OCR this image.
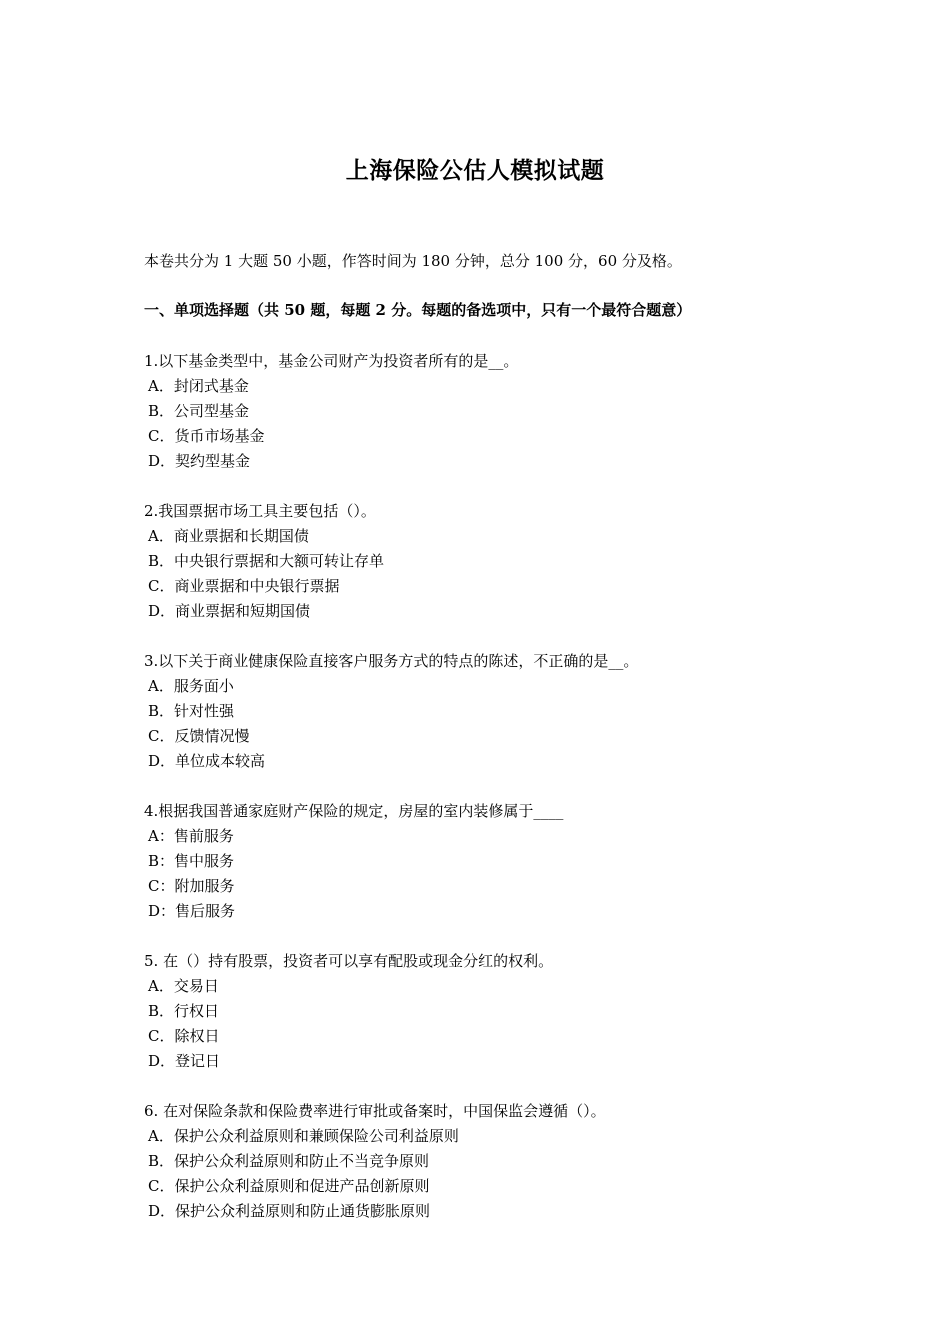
上海保险公估人模拟试题
本卷共分为 1 大题 50 小题，作答时间为 180 分钟，总分 100 分，60 分及格。
一、单项选择题（共 50 题，每题 2 分。每题的备选项中，只有一个最符合题意）
1.以下基金类型中，基金公司财产为投资者所有的是__。
A．封闭式基金
B．公司型基金
C．货币市场基金
D．契约型基金
2.我国票据市场工具主要包括（）。
A．商业票据和长期国债
B．中央银行票据和大额可转让存单
C．商业票据和中央银行票据
D．商业票据和短期国债
3.以下关于商业健康保险直接客户服务方式的特点的陈述，不正确的是__。
A．服务面小
B．针对性强
C．反馈情况慢
D．单位成本较高
4.根据我国普通家庭财产保险的规定，房屋的室内装修属于____
A：售前服务
B：售中服务
C：附加服务
D：售后服务
5. 在（）持有股票，投资者可以享有配股或现金分红的权利。
A．交易日
B．行权日
C．除权日
D．登记日
6. 在对保险条款和保险费率进行审批或备案时，中国保监会遵循（）。
A．保护公众利益原则和兼顾保险公司利益原则
B．保护公众利益原则和防止不当竞争原则
C．保护公众利益原则和促进产品创新原则
D．保护公众利益原则和防止通货膨胀原则
